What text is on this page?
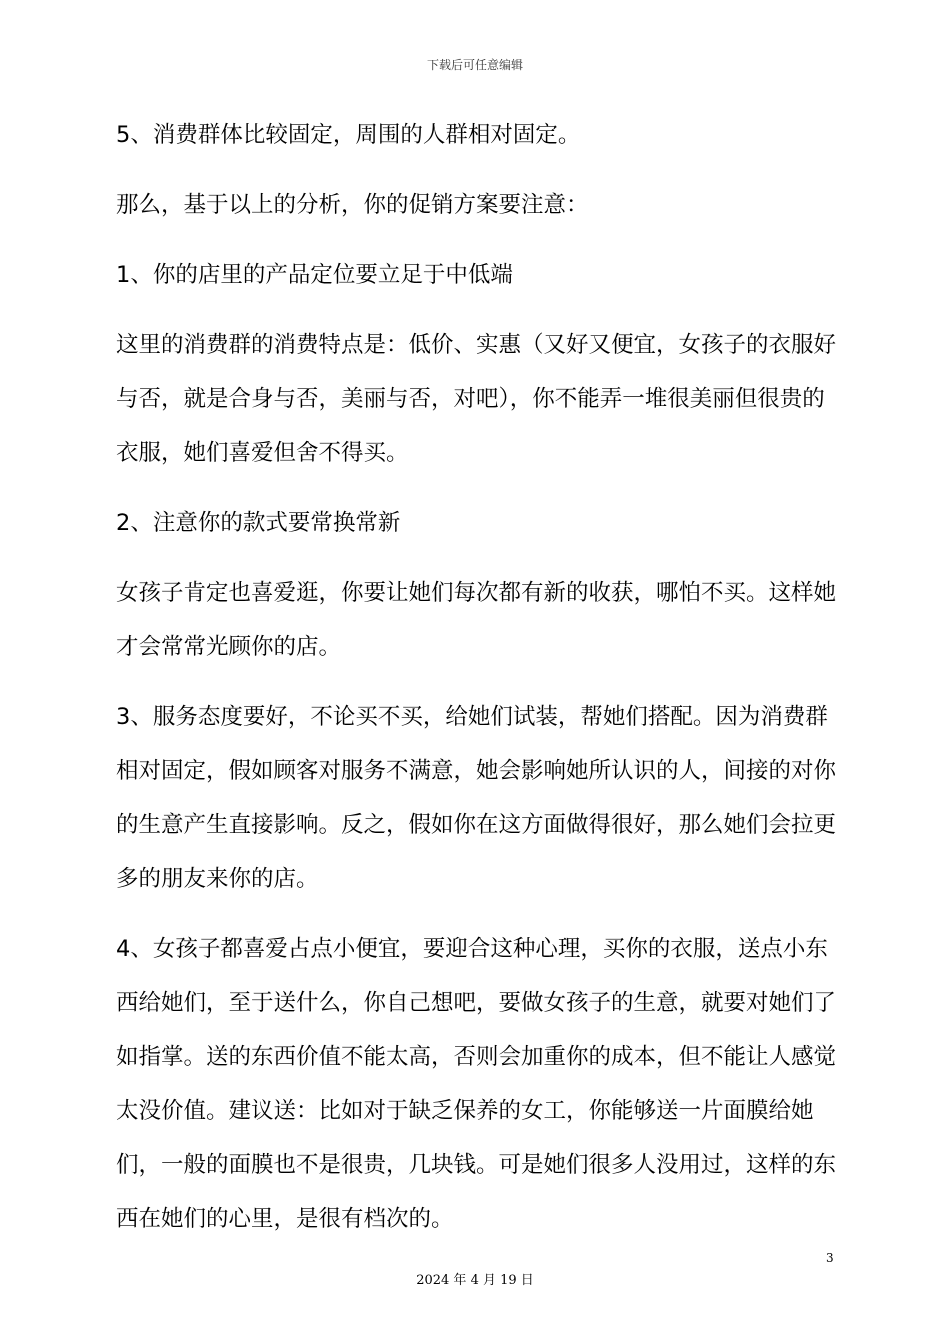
下载后可任意编辑

5、消费群体比较固定，周围的人群相对固定。

那么，基于以上的分析，你的促销方案要注意：

1、你的店里的产品定位要立足于中低端

这里的消费群的消费特点是：低价、实惠（又好又便宜，女孩子的衣服好与否，就是合身与否，美丽与否，对吧），你不能弄一堆很美丽但很贵的衣服，她们喜爱但舍不得买。

2、注意你的款式要常换常新

女孩子肯定也喜爱逛，你要让她们每次都有新的收获，哪怕不买。这样她才会常常光顾你的店。

3、服务态度要好，不论买不买，给她们试装，帮她们搭配。因为消费群相对固定，假如顾客对服务不满意，她会影响她所认识的人，间接的对你的生意产生直接影响。反之，假如你在这方面做得很好，那么她们会拉更多的朋友来你的店。

4、女孩子都喜爱占点小便宜，要迎合这种心理，买你的衣服，送点小东西给她们，至于送什么，你自己想吧，要做女孩子的生意，就要对她们了如指掌。送的东西价值不能太高，否则会加重你的成本，但不能让人感觉太没价值。建议送：比如对于缺乏保养的女工，你能够送一片面膜给她们，一般的面膜也不是很贵，几块钱。可是她们很多人没用过，这样的东西在她们的心里，是很有档次的。

3
2024 年 4 月 19 日
